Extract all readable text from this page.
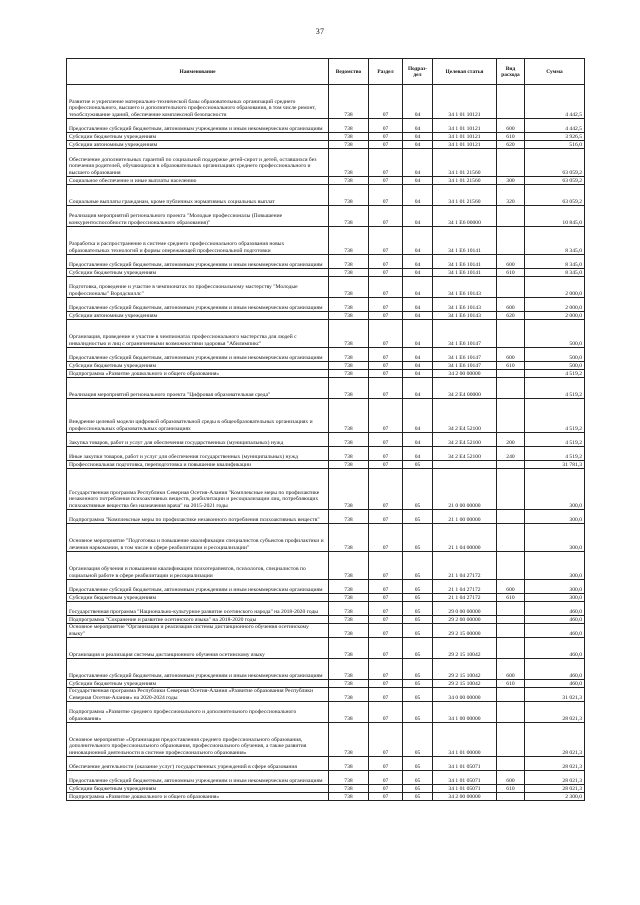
37
Наименование	Ведомство	Раздел	Подраз-дел	Целевая статья	Вид расхода	Сумма
Развитие и укрепление материально-технической базы образовательных организаций среднего профессионального, высшего и дополнительного профессионального образования, в том числе ремонт, техобслуживание зданий, обеспечение комплексной безопасности	738	07	04	34 1 01 10121		4 442,5
Предоставление субсидий бюджетным, автономным учреждениям и иным некоммерческим организациям	738	07	04	34 1 01 10121	600	4 442,5
Субсидии бюджетным учреждениям	738	07	04	34 1 01 10121	610	3 926,5
Субсидии автономным учреждениям	738	07	04	34 1 01 10121	620	516,0
Обеспечение дополнительных гарантий по социальной поддержке детей-сирот и детей, оставшихся без попечения родителей, обучающихся в образовательных организациях среднего профессионального и высшего образования	738	07	04	34 1 01 21560		63 059,2
Социальное обеспечение и иные выплаты населению	738	07	04	34 1 01 21560	300	63 059,2
Социальные выплаты гражданам, кроме публичных нормативных социальных выплат	738	07	04	34 1 01 21560	320	63 059,2
Реализация мероприятий регионального проекта "Молодые профессионалы (Повышение конкурентоспособности профессионального образования)"	738	07	04	34 1 E6 00000		10 845,0
Разработка и распространение в системе среднего профессионального образования новых образовательных технологий и формы опережающей профессиональной подготовки	738	07	04	34 1 E6 10141		8 345,0
Предоставление субсидий бюджетным, автономным учреждениям и иным некоммерческим организациям	738	07	04	34 1 E6 10141	600	8 345,0
Субсидии бюджетным учреждениям	738	07	04	34 1 E6 10141	610	8 345,0
Подготовка, проведение и участие в чемпионатах по профессиональному мастерству "Молодые профессионалы" Ворлдскиллс"	738	07	04	34 1 E6 10143		2 000,0
Предоставление субсидий бюджетным, автономным учреждениям и иным некоммерческим организациям	738	07	04	34 1 E6 10143	600	2 000,0
Субсидии автономным учреждениям	738	07	04	34 1 E6 10143	620	2 000,0
Организация, проведение и участие в чемпионатах профессионального мастерства для людей с инвалидностью и лиц с ограниченными возможностями здоровья "Абилимпикс"	738	07	04	34 1 E6 10147		500,0
Предоставление субсидий бюджетным, автономным учреждениям и иным некоммерческим организациям	738	07	04	34 1 E6 10147	600	500,0
Субсидии бюджетным учреждениям	738	07	04	34 1 E6 10147	610	500,0
Подпрограмма «Развитие дошкольного и общего образования»	738	07	04	34 2 00 00000		4 519,2
Реализация мероприятий регионального проекта "Цифровая образовательная среда"	738	07	04	34 2 E4 00000		4 519,2
Внедрение целевой модели цифровой образовательной среды в общеобразовательных организациях и профессиональных образовательных организациях	738	07	04	34 2 E4 52100		4 519,2
Закупка товаров, работ и услуг для обеспечения государственных (муниципальных) нужд	738	07	04	34 2 E4 52100	200	4 519,2
Иные закупки товаров, работ и услуг для обеспечения государственных (муниципальных) нужд	738	07	04	34 2 E4 52100	240	4 519,2
Профессиональная подготовка, переподготовка и повышение квалификации	738	07	05			31 781,3
Государственная программа Республики Северная Осетия-Алания "Комплексные меры по профилактике незаконного потребления психоактивных веществ, реабилитации и ресоциализации лиц, потребляющих психоактивные вещества без назначения врача" на 2015-2021 годы	738	07	05	21 0 00 00000		300,0
Подпрограмма "Комплексные меры по профилактике незаконного потребления психоактивных веществ"	738	07	05	21 1 00 00000		300,0
Основное мероприятие "Подготовка и повышение квалификации специалистов субъектов профилактики и лечения наркомании, в том числе в сфере реабилитации и ресоциализации"	738	07	05	21 1 04 00000		300,0
Организация обучения и повышения квалификации психотерапевтов, психологов, специалистов по социальной работе в сфере реабилитации и ресоциализации	738	07	05	21 1 04 27172		300,0
Предоставление субсидий бюджетным, автономным учреждениям и иным некоммерческим организациям	738	07	05	21 1 04 27172	600	300,0
Субсидии бюджетным учреждениям	738	07	05	21 1 04 27172	610	300,0
Государственная программа "Национально-культурное развитие осетинского народа" на 2018-2020 годы	738	07	05	29 0 00 00000		460,0
Подпрограмма "Сохранение и развитие осетинского языка" на 2018-2020 годы	738	07	05	29 2 00 00000		460,0
Основное мероприятие "Организация и реализация системы дистанционного обучения осетинскому языку"	738	07	05	29 2 15 00000		460,0
Организация и реализация системы дистанционного обучения осетинскому языку	738	07	05	29 2 15 10042		460,0
Предоставление субсидий бюджетным, автономным учреждениям и иным некоммерческим организациям	738	07	05	29 2 15 10042	600	460,0
Субсидии бюджетным учреждениям	738	07	05	29 2 15 10042	610	460,0
Государственная программа Республики Северная Осетия-Алания «Развитие образования Республики Северная Осетия-Алания» на 2020-2024 годы	738	07	05	34 0 00 00000		31 021,3
Подпрограмма «Развитие среднего профессионального и дополнительного профессионального образования»	738	07	05	34 1 00 00000		28 021,3
Основное мероприятие «Организация предоставления среднего профессионального образования, дополнительного профессионального образования, профессионального обучения, а также развития инновационной деятельности в системе профессионального образования»	738	07	05	34 1 01 00000		28 021,3
Обеспечение деятельности (оказание услуг) государственных учреждений в сфере образования	738	07	05	34 1 01 05071		28 021,3
Предоставление субсидий бюджетным, автономным учреждениям и иным некоммерческим организациям	738	07	05	34 1 01 05071	600	28 021,3
Субсидии бюджетным учреждениям	738	07	05	34 1 01 05071	610	28 021,3
Подпрограмма «Развитие дошкольного и общего образования»	738	07	05	34 2 00 00000		2 300,0
